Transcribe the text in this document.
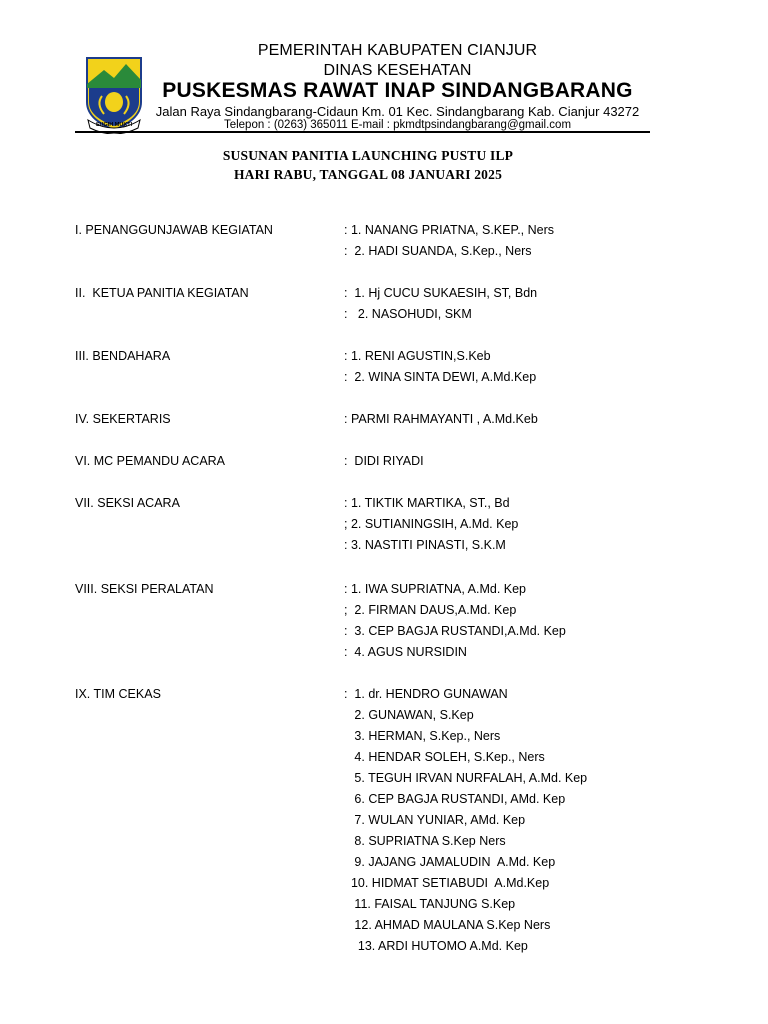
SUGIH MUKTI
PEMERINTAH KABUPATEN CIANJUR
DINAS KESEHATAN
PUSKESMAS RAWAT INAP SINDANGBARANG
Jalan Raya Sindangbarang-Cidaun Km. 01 Kec. Sindangbarang Kab. Cianjur 43272
Telepon : (0263) 365011 E-mail : pkmdtpsindangbarang@gmail.com
SUSUNAN PANITIA LAUNCHING PUSTU ILP
HARI RABU, TANGGAL 08 JANUARI 2025
I. PENANGGUNJAWAB KEGIATAN	: 1. NANANG PRIATNA, S.KEP., Ners
:  2. HADI SUANDA, S.Kep., Ners
II.  KETUA PANITIA KEGIATAN	:  1. Hj CUCU SUKAESIH, ST, Bdn
:   2. NASOHUDI, SKM
III. BENDAHARA	: 1. RENI AGUSTIN,S.Keb
:  2. WINA SINTA DEWI, A.Md.Kep
IV. SEKERTARIS	: PARMI RAHMAYANTI , A.Md.Keb
VI. MC PEMANDU ACARA	:  DIDI RIYADI
VII. SEKSI ACARA	: 1. TIKTIK MARTIKA, ST., Bd
; 2. SUTIANINGSIH, A.Md. Kep
: 3. NASTITI PINASTI, S.K.M
VIII. SEKSI PERALATAN	: 1. IWA SUPRIATNA, A.Md. Kep
;  2. FIRMAN DAUS,A.Md. Kep
:  3. CEP BAGJA RUSTANDI,A.Md. Kep
:  4. AGUS NURSIDIN
IX. TIM CEKAS	:  1. dr. HENDRO GUNAWAN
2. GUNAWAN, S.Kep
3. HERMAN, S.Kep., Ners
4. HENDAR SOLEH, S.Kep., Ners
5. TEGUH IRVAN NURFALAH, A.Md. Kep
6. CEP BAGJA RUSTANDI, AMd. Kep
7. WULAN YUNIAR, AMd. Kep
8. SUPRIATNA S.Kep Ners
9. JAJANG JAMALUDIN  A.Md. Kep
10. HIDMAT SETIABUDI  A.Md.Kep
11. FAISAL TANJUNG S.Kep
12. AHMAD MAULANA S.Kep Ners
13. ARDI HUTOMO A.Md. Kep
